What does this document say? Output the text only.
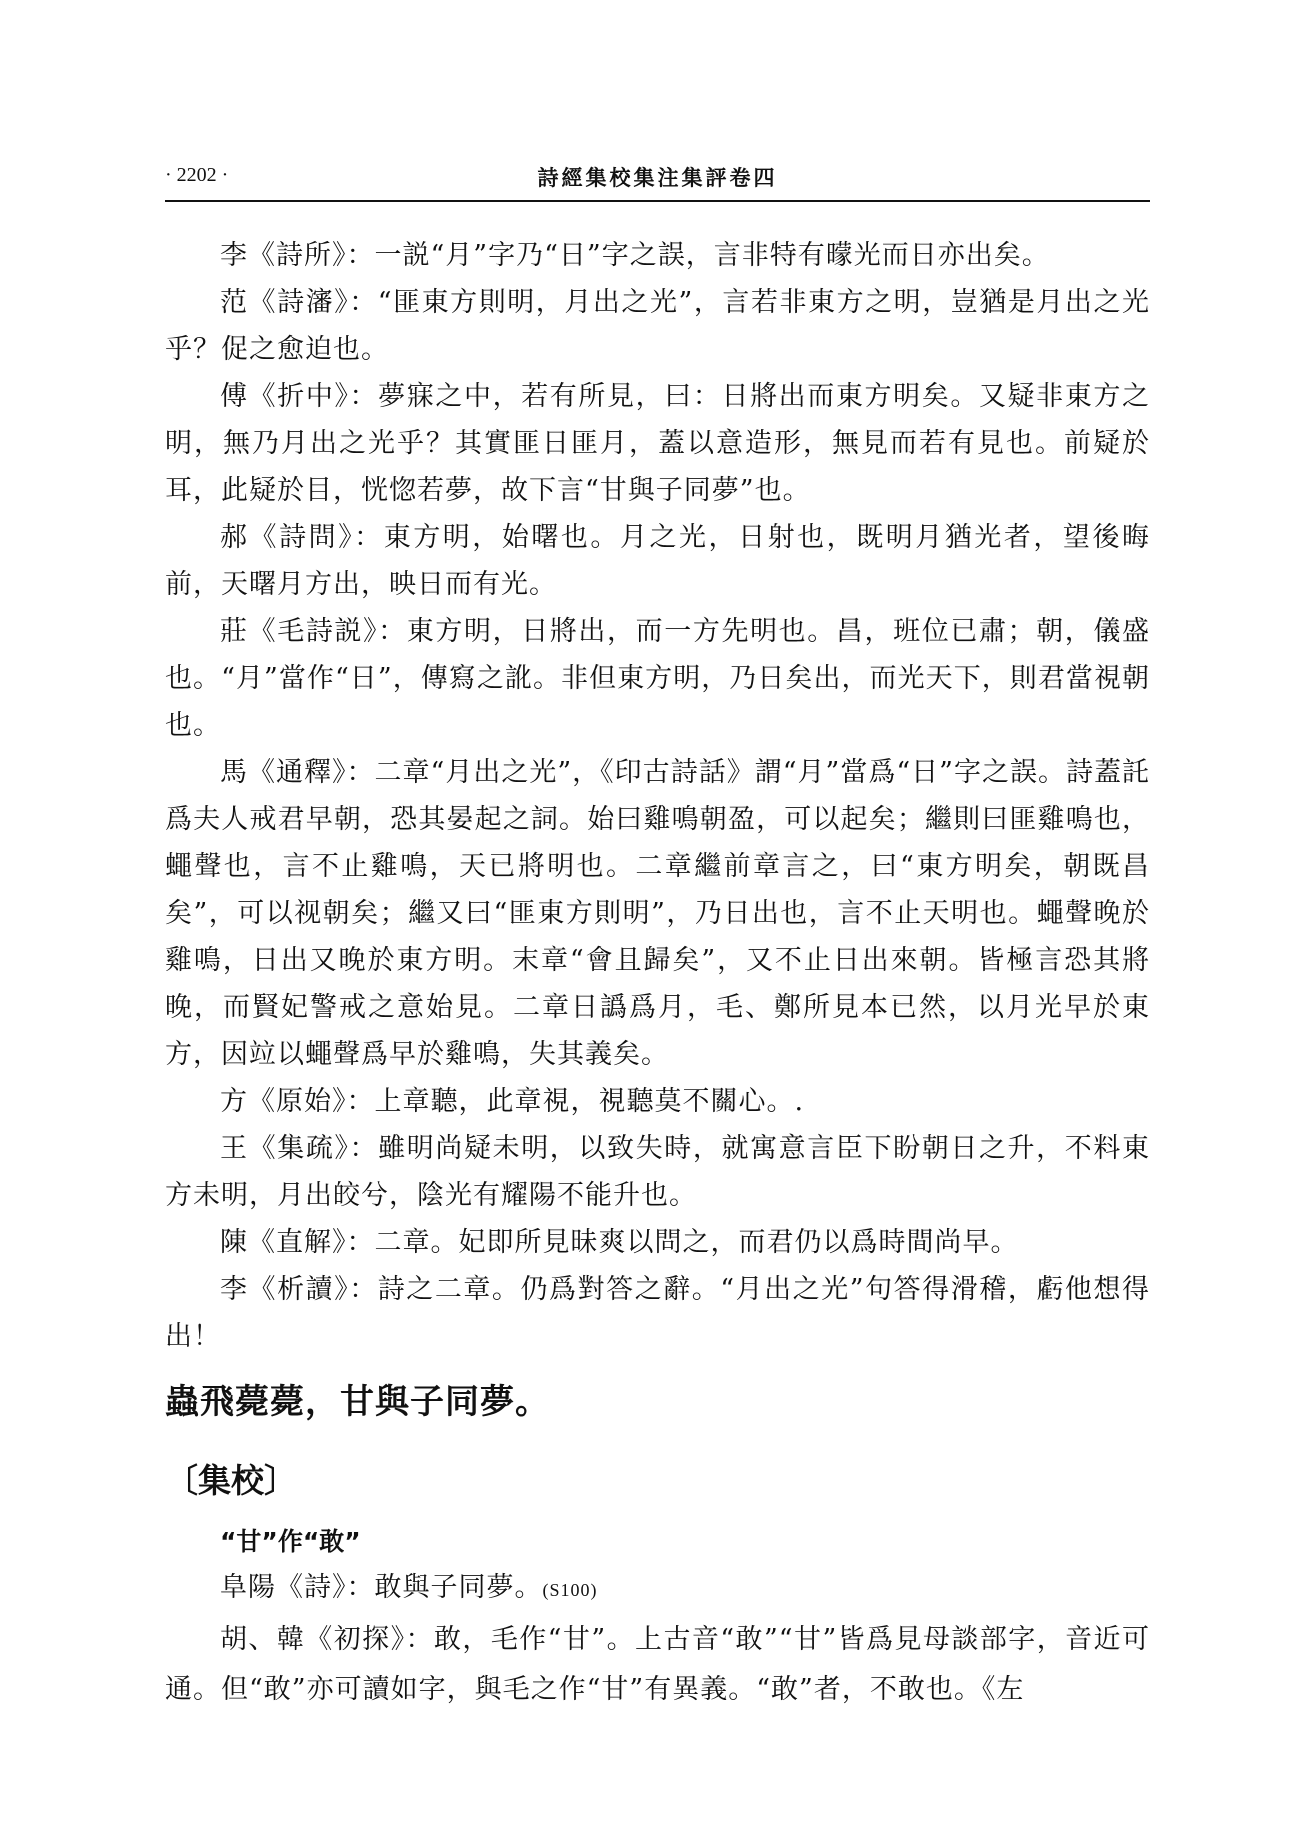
· 2202 ·	詩經集校集注集評卷四

李《詩所》：一説“月”字乃“日”字之誤，言非特有曚光而日亦出矣。

范《詩瀋》：“匪東方則明，月出之光”，言若非東方之明，豈猶是月出之光乎？促之愈迫也。

傅《折中》：夢寐之中，若有所見，曰：日將出而東方明矣。又疑非東方之明，無乃月出之光乎？其實匪日匪月，蓋以意造形，無見而若有見也。前疑於耳，此疑於目，恍惚若夢，故下言“甘與子同夢”也。

郝《詩問》：東方明，始曙也。月之光，日射也，既明月猶光者，望後晦前，天曙月方出，映日而有光。

莊《毛詩説》：東方明，日將出，而一方先明也。昌，班位已肅；朝，儀盛也。“月”當作“日”，傳寫之訛。非但東方明，乃日矣出，而光天下，則君當視朝也。

馬《通釋》：二章“月出之光”，《印古詩話》謂“月”當爲“日”字之誤。詩蓋託爲夫人戒君早朝，恐其晏起之詞。始曰雞鳴朝盈，可以起矣；繼則曰匪雞鳴也，蠅聲也，言不止雞鳴，天已將明也。二章繼前章言之，曰“東方明矣，朝既昌矣”，可以视朝矣；繼又曰“匪東方則明”，乃日出也，言不止天明也。蠅聲晚於雞鳴，日出又晚於東方明。末章“會且歸矣”，又不止日出來朝。皆極言恐其將晚，而賢妃警戒之意始見。二章日譌爲月，毛、鄭所見本已然，以月光早於東方，因竝以蠅聲爲早於雞鳴，失其義矣。

方《原始》：上章聽，此章視，視聽莫不關心。.

王《集疏》：雖明尚疑未明，以致失時，就寓意言臣下盼朝日之升，不料東方未明，月出皎兮，陰光有耀陽不能升也。

陳《直解》：二章。妃即所見昧爽以問之，而君仍以爲時間尚早。

李《析讀》：詩之二章。仍爲對答之辭。“月出之光”句答得滑稽，虧他想得出！

蟲飛薨薨，甘與子同夢。
〔集校〕
“甘”作“敢”

阜陽《詩》：敢與子同夢。(S100)

胡、韓《初探》：敢，毛作“甘”。上古音“敢”“甘”皆爲見母談部字，音近可通。但“敢”亦可讀如字，與毛之作“甘”有異義。“敢”者，不敢也。《左
